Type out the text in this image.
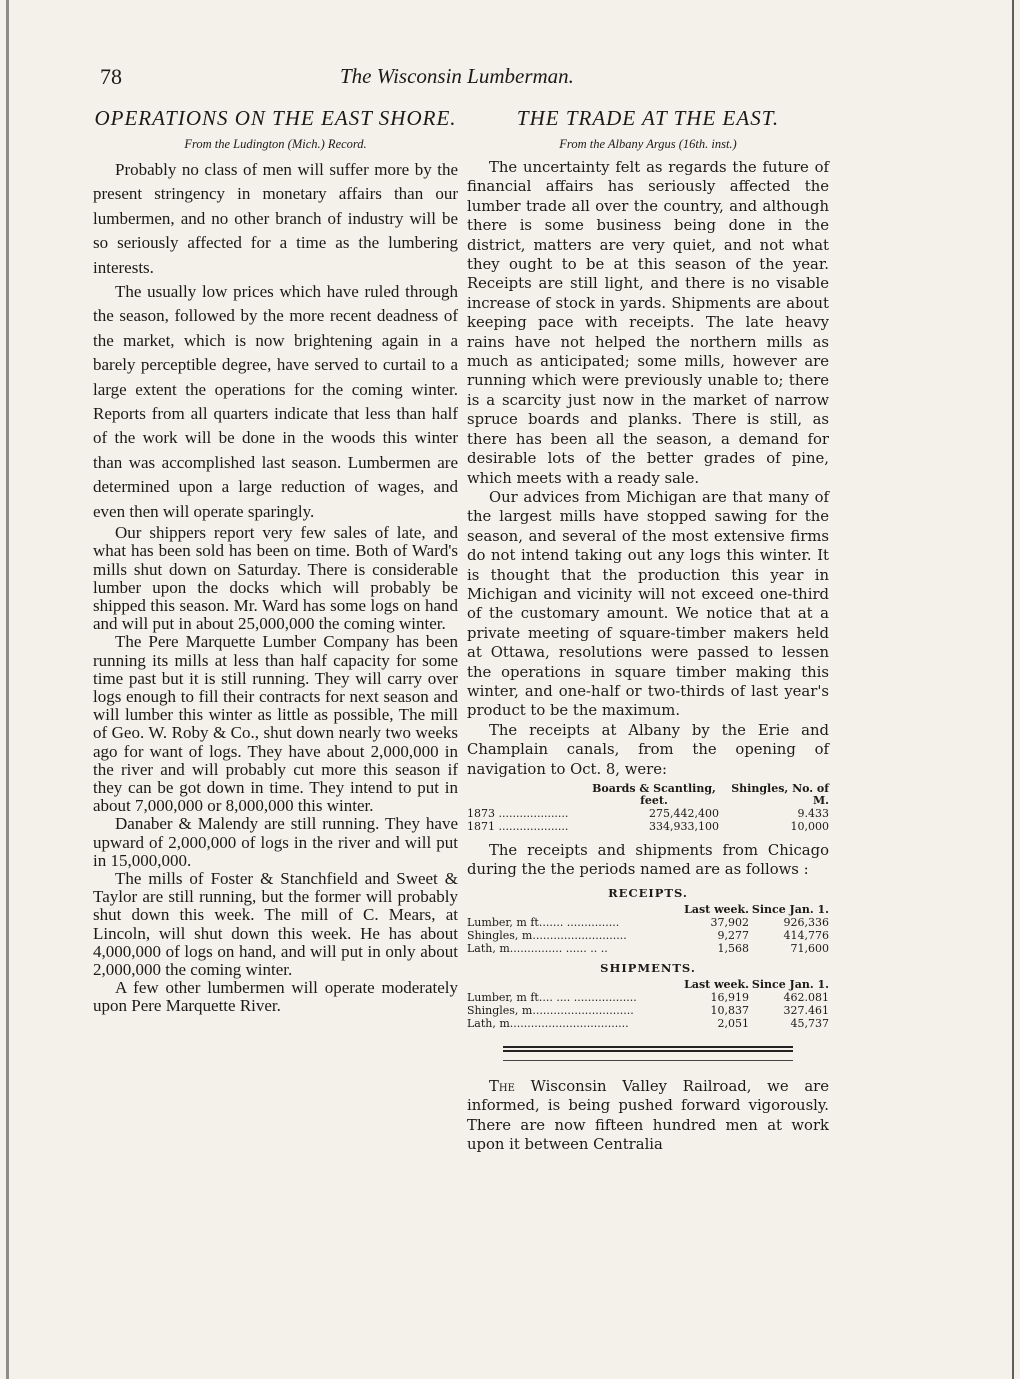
78	The Wisconsin Lumberman.
OPERATIONS ON THE EAST SHORE.
From the Ludington (Mich.) Record.

Probably no class of men will suffer more by the present stringency in monetary affairs than our lumbermen, and no other branch of industry will be so seriously affected for a time as the lumbering interests.

The usually low prices which have ruled through the season, followed by the more recent deadness of the market, which is now brightening again in a barely perceptible degree, have served to curtail to a large extent the operations for the coming winter. Reports from all quarters indicate that less than half of the work will be done in the woods this winter than was accomplished last season. Lumbermen are determined upon a large reduction of wages, and even then will operate sparingly.

Our shippers report very few sales of late, and what has been sold has been on time. Both of Ward's mills shut down on Saturday. There is considerable lumber upon the docks which will probably be shipped this season. Mr. Ward has some logs on hand and will put in about 25,000,000 the coming winter.

The Pere Marquette Lumber Company has been running its mills at less than half capacity for some time past but it is still running. They will carry over logs enough to fill their contracts for next season and will lumber this winter as little as possible, The mill of Geo. W. Roby & Co., shut down nearly two weeks ago for want of logs. They have about 2,000,000 in the river and will probably cut more this season if they can be got down in time. They intend to put in about 7,000,000 or 8,000,000 this winter.

Danaber & Malendy are still running. They have upward of 2,000,000 of logs in the river and will put in 15,000,000.

The mills of Foster & Stanchfield and Sweet & Taylor are still running, but the former will probably shut down this week. The mill of C. Mears, at Lincoln, will shut down this week. He has about 4,000,000 of logs on hand, and will put in only about 2,000,000 the coming winter.

A few other lumbermen will operate moderately upon Pere Marquette River.

THE TRADE AT THE EAST.
From the Albany Argus (16th. inst.)

The uncertainty felt as regards the future of financial affairs has seriously affected the lumber trade all over the country, and although there is some business being done in the district, matters are very quiet, and not what they ought to be at this season of the year. Receipts are still light, and there is no visable increase of stock in yards. Shipments are about keeping pace with receipts. The late heavy rains have not helped the northern mills as much as anticipated; some mills, however are running which were previously unable to; there is a scarcity just now in the market of narrow spruce boards and planks. There is still, as there has been all the season, a demand for desirable lots of the better grades of pine, which meets with a ready sale.

Our advices from Michigan are that many of the largest mills have stopped sawing for the season, and several of the most extensive firms do not intend taking out any logs this winter. It is thought that the production this year in Michigan and vicinity will not exceed one-third of the customary amount. We notice that at a private meeting of square-timber makers held at Ottawa, resolutions were passed to lessen the operations in square timber making this winter, and one-half or two-thirds of last year's product to be the maximum.

The receipts at Albany by the Erie and Champlain canals, from the opening of navigation to Oct. 8, were:

Boards & Scantling, feet.
Shingles, No. of M.
1873 ....................	275,442,400	9.433
1871 ....................	334,933,100	10,000

The receipts and shipments from Chicago during the the periods named are as follows :

RECEIPTS.
Last week. Since Jan. 1.
Lumber, m ft....... ...............	37,902	926,336
Shingles, m...........................	9,277	414,776
Lath, m............... ...... .. ..	1,568	71,600
SHIPMENTS.
Last week. Since Jan. 1.
Lumber, m ft.... .... ..................	16,919	462.081
Shingles, m.............................	10,837	327.461
Lath, m..................................	2,051	45,737

The Wisconsin Valley Railroad, we are informed, is being pushed forward vigorously. There are now fifteen hundred men at work upon it between Centralia
